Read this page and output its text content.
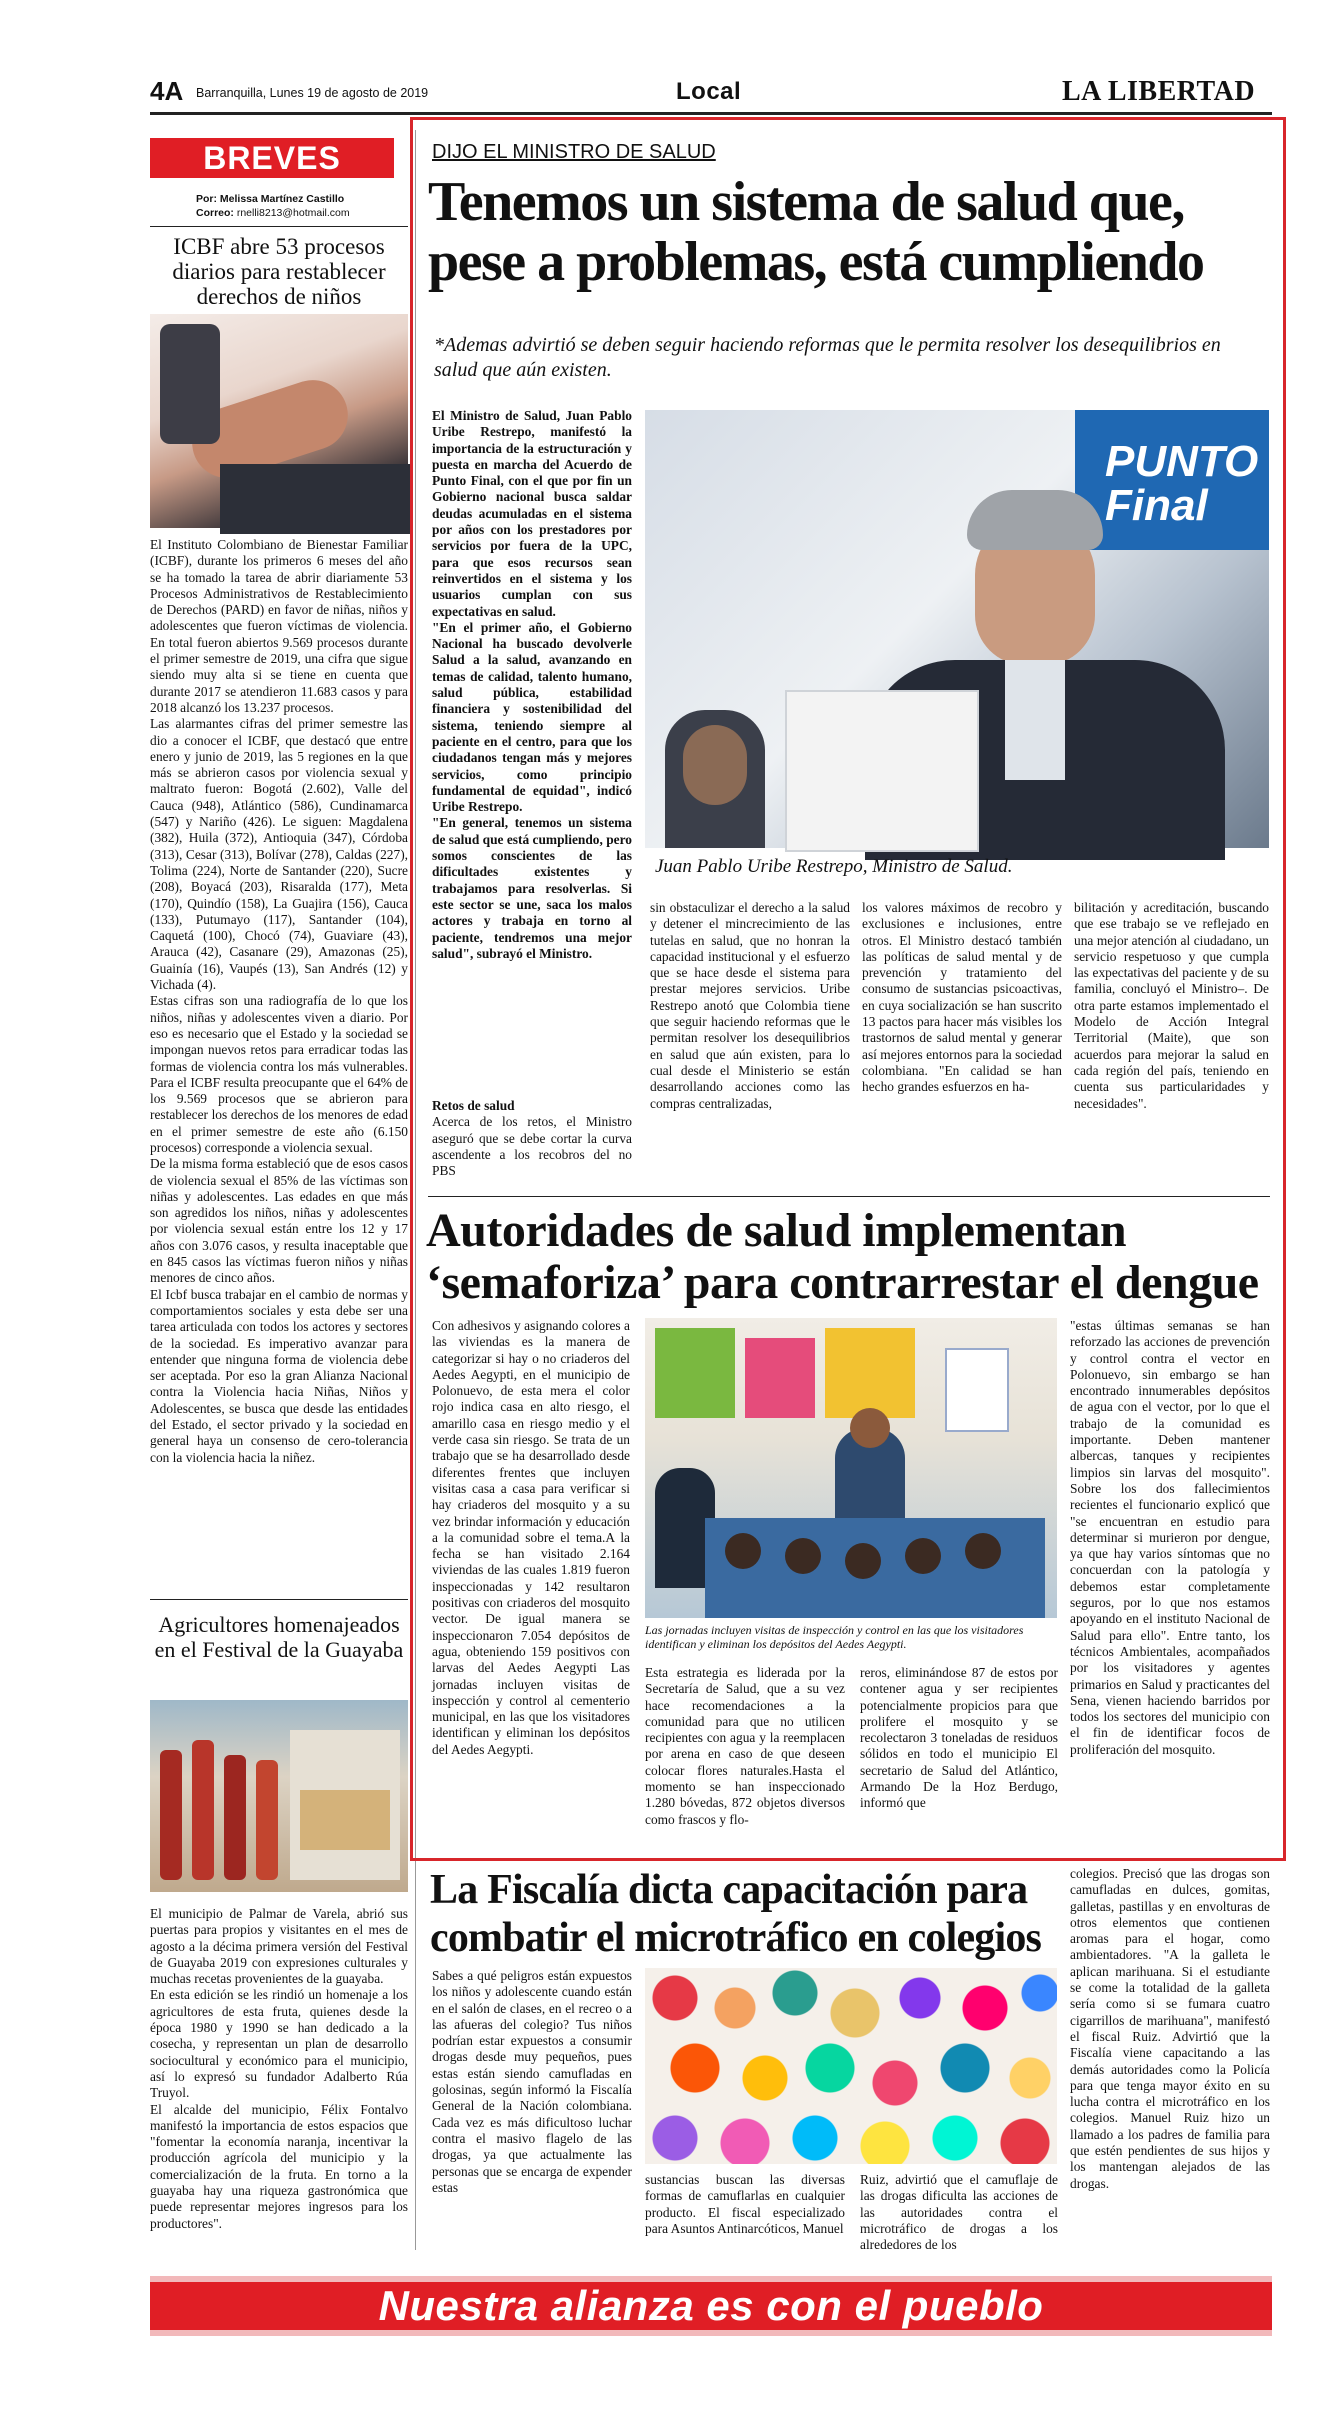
4A Barranquilla, Lunes 19 de agosto de 2019	Local	LA LIBERTAD
BREVES
Por: Melissa Martínez Castillo
Correo: rnelli8213@hotmail.com
ICBF abre 53 procesos diarios para restablecer derechos de niños

El Instituto Colombiano de Bienestar Familiar (ICBF), durante los primeros 6 meses del año se ha tomado la tarea de abrir diariamente 53 Procesos Administrativos de Restablecimiento de Derechos (PARD) en favor de niñas, niños y adolescentes que fueron víctimas de violencia. En total fueron abiertos 9.569 procesos durante el primer semestre de 2019, una cifra que sigue siendo muy alta si se tiene en cuenta que durante 2017 se atendieron 11.683 casos y para 2018 alcanzó los 13.237 procesos.

Las alarmantes cifras del primer semestre las dio a conocer el ICBF, que destacó que entre enero y junio de 2019, las 5 regiones en la que más se abrieron casos por violencia sexual y maltrato fueron: Bogotá (2.602), Valle del Cauca (948), Atlántico (586), Cundinamarca (547) y Nariño (426). Le siguen: Magdalena (382), Huila (372), Antioquia (347), Córdoba (313), Cesar (313), Bolívar (278), Caldas (227), Tolima (224), Norte de Santander (220), Sucre (208), Boyacá (203), Risaralda (177), Meta (170), Quindío (158), La Guajira (156), Cauca (133), Putumayo (117), Santander (104), Caquetá (100), Chocó (74), Guaviare (43), Arauca (42), Casanare (29), Amazonas (25), Guainía (16), Vaupés (13), San Andrés (12) y Vichada (4).

Estas cifras son una radiografía de lo que los niños, niñas y adolescentes viven a diario. Por eso es necesario que el Estado y la sociedad se impongan nuevos retos para erradicar todas las formas de violencia contra los más vulnerables. Para el ICBF resulta preocupante que el 64% de los 9.569 procesos que se abrieron para restablecer los derechos de los menores de edad en el primer semestre de este año (6.150 procesos) corresponde a violencia sexual.

De la misma forma estableció que de esos casos de violencia sexual el 85% de las víctimas son niñas y adolescentes. Las edades en que más son agredidos los niños, niñas y adolescentes por violencia sexual están entre los 12 y 17 años con 3.076 casos, y resulta inaceptable que en 845 casos las víctimas fueron niños y niñas menores de cinco años.

El Icbf busca trabajar en el cambio de normas y comportamientos sociales y esta debe ser una tarea articulada con todos los actores y sectores de la sociedad. Es imperativo avanzar para entender que ninguna forma de violencia debe ser aceptada. Por eso la gran Alianza Nacional contra la Violencia hacia Niñas, Niños y Adolescentes, se busca que desde las entidades del Estado, el sector privado y la sociedad en general haya un consenso de cero-tolerancia con la violencia hacia la niñez.

Agricultores homenajeados en el Festival de la Guayaba

El municipio de Palmar de Varela, abrió sus puertas para propios y visitantes en el mes de agosto a la décima primera versión del Festival de Guayaba 2019 con expresiones culturales y muchas recetas provenientes de la guayaba.

En esta edición se les rindió un homenaje a los agricultores de esta fruta, quienes desde la época 1980 y 1990 se han dedicado a la cosecha, y representan un plan de desarrollo sociocultural y económico para el municipio, así lo expresó su fundador Adalberto Rúa Truyol.

El alcalde del municipio, Félix Fontalvo manifestó la importancia de estos espacios que "fomentar la economía naranja, incentivar la producción agrícola del municipio y la comercialización de la fruta. En torno a la guayaba hay una riqueza gastronómica que puede representar mejores ingresos para los productores".

DIJO EL MINISTRO DE SALUD
Tenemos un sistema de salud que,
pese a problemas, está cumpliendo
*Ademas advirtió se deben seguir haciendo reformas que le permita resolver los desequilibrios en salud que aún existen.

El Ministro de Salud, Juan Pablo Uribe Restrepo, manifestó la importancia de la estructuración y puesta en marcha del Acuerdo de Punto Final, con el que por fin un Gobierno nacional busca saldar deudas acumuladas en el sistema por años con los prestadores por servicios por fuera de la UPC, para que esos recursos sean reinvertidos en el sistema y los usuarios cumplan con sus expectativas en salud.

"En el primer año, el Gobierno Nacional ha buscado devolverle Salud a la salud, avanzando en temas de calidad, talento humano, salud pública, estabilidad financiera y sostenibilidad del sistema, teniendo siempre al paciente en el centro, para que los ciudadanos tengan más y mejores servicios, como principio fundamental de equidad", indicó Uribe Restrepo.

"En general, tenemos un sistema de salud que está cumpliendo, pero somos conscientes de las dificultades existentes y trabajamos para resolverlas. Si este sector se une, saca los malos actores y trabaja en torno al paciente, tendremos una mejor salud", subrayó el Ministro.

Retos de salud

Acerca de los retos, el Ministro aseguró que se debe cortar la curva ascendente a los recobros del no PBS

PUNTO
Final
Juan Pablo Uribe Restrepo, Ministro de Salud.

sin obstaculizar el derecho a la salud y detener el mincrecimiento de las tutelas en salud, que no honran la capacidad institucional y el esfuerzo que se hace desde el sistema para prestar mejores servicios. Uribe Restrepo anotó que Colombia tiene que seguir haciendo reformas que le permitan resolver los desequilibrios en salud que aún existen, para lo cual desde el Ministerio se están desarrollando acciones como las compras centralizadas,

los valores máximos de recobro y exclusiones e inclusiones, entre otros. El Ministro destacó también las políticas de salud mental y de prevención y tratamiento del consumo de sustancias psicoactivas, en cuya socialización se han suscrito 13 pactos para hacer más visibles los trastornos de salud mental y generar así mejores entornos para la sociedad colombiana. "En calidad se han hecho grandes esfuerzos en ha-

bilitación y acreditación, buscando que ese trabajo se ve reflejado en una mejor atención al ciudadano, un servicio respetuoso y que cumpla las expectativas del paciente y de su familia, concluyó el Ministro–. De otra parte estamos implementado el Modelo de Acción Integral Territorial (Maite), que son acuerdos para mejorar la salud en cada región del país, teniendo en cuenta sus particularidades y necesidades".

Autoridades de salud implementan
‘semaforiza’ para contrarrestar el dengue

Con adhesivos y asignando colores a las viviendas es la manera de categorizar si hay o no criaderos del Aedes Aegypti, en el municipio de Polonuevo, de esta mera el color rojo indica casa en alto riesgo, el amarillo casa en riesgo medio y el verde casa sin riesgo. Se trata de un trabajo que se ha desarrollado desde diferentes frentes que incluyen visitas casa a casa para verificar si hay criaderos del mosquito y a su vez brindar información y educación a la comunidad sobre el tema.A la fecha se han visitado 2.164 viviendas de las cuales 1.819 fueron inspeccionadas y 142 resultaron positivas con criaderos del mosquito vector. De igual manera se inspeccionaron 7.054 depósitos de agua, obteniendo 159 positivos con larvas del Aedes Aegypti Las jornadas incluyen visitas de inspección y control al cementerio municipal, en las que los visitadores identifican y eliminan los depósitos del Aedes Aegypti.

Las jornadas incluyen visitas de inspección y control en las que los visitadores identifican y eliminan los depósitos del Aedes Aegypti.

Esta estrategia es liderada por la Secretaría de Salud, que a su vez hace recomendaciones a la comunidad para que no utilicen recipientes con agua y la reemplacen por arena en caso de que deseen colocar flores naturales.Hasta el momento se han inspeccionado 1.280 bóvedas, 872 objetos diversos como frascos y flo-

reros, eliminándose 87 de estos por contener agua y ser recipientes potencialmente propicios para que prolifere el mosquito y se recolectaron 3 toneladas de residuos sólidos en todo el municipio El secretario de Salud del Atlántico, Armando De la Hoz Berdugo, informó que

"estas últimas semanas se han reforzado las acciones de prevención y control contra el vector en Polonuevo, sin embargo se han encontrado innumerables depósitos de agua con el vector, por lo que el trabajo de la comunidad es importante. Deben mantener albercas, tanques y recipientes limpios sin larvas del mosquito". Sobre los dos fallecimientos recientes el funcionario explicó que "se encuentran en estudio para determinar si murieron por dengue, ya que hay varios síntomas que no concuerdan con la patología y debemos estar completamente seguros, por lo que nos estamos apoyando en el instituto Nacional de Salud para ello". Entre tanto, los técnicos Ambientales, acompañados por los visitadores y agentes primarios en Salud y practicantes del Sena, vienen haciendo barridos por todos los sectores del municipio con el fin de identificar focos de proliferación del mosquito.

La Fiscalía dicta capacitación para
combatir el microtráfico en colegios

Sabes a qué peligros están expuestos los niños y adolescente cuando están en el salón de clases, en el recreo o a las afueras del colegio? Tus niños podrían estar expuestos a consumir drogas desde muy pequeños, pues estas están siendo camufladas en golosinas, según informó la Fiscalía General de la Nación colombiana. Cada vez es más dificultoso luchar contra el masivo flagelo de las drogas, ya que actualmente las personas que se encarga de expender estas

sustancias buscan las diversas formas de camuflarlas en cualquier producto. El fiscal especializado para Asuntos Antinarcóticos, Manuel

Ruiz, advirtió que el camuflaje de las drogas dificulta las acciones de las autoridades contra el microtráfico de drogas a los alrededores de los

colegios. Precisó que las drogas son camufladas en dulces, gomitas, galletas, pastillas y en envolturas de otros elementos que contienen aromas para el hogar, como ambientadores. "A la galleta le aplican marihuana. Si el estudiante se come la totalidad de la galleta sería como si se fumara cuatro cigarrillos de marihuana", manifestó el fiscal Ruiz. Advirtió que la Fiscalía viene capacitando a las demás autoridades como la Policía para que tenga mayor éxito en su lucha contra el microtráfico en los colegios. Manuel Ruiz hizo un llamado a los padres de familia para que estén pendientes de sus hijos y los mantengan alejados de las drogas.

Nuestra alianza es con el pueblo
